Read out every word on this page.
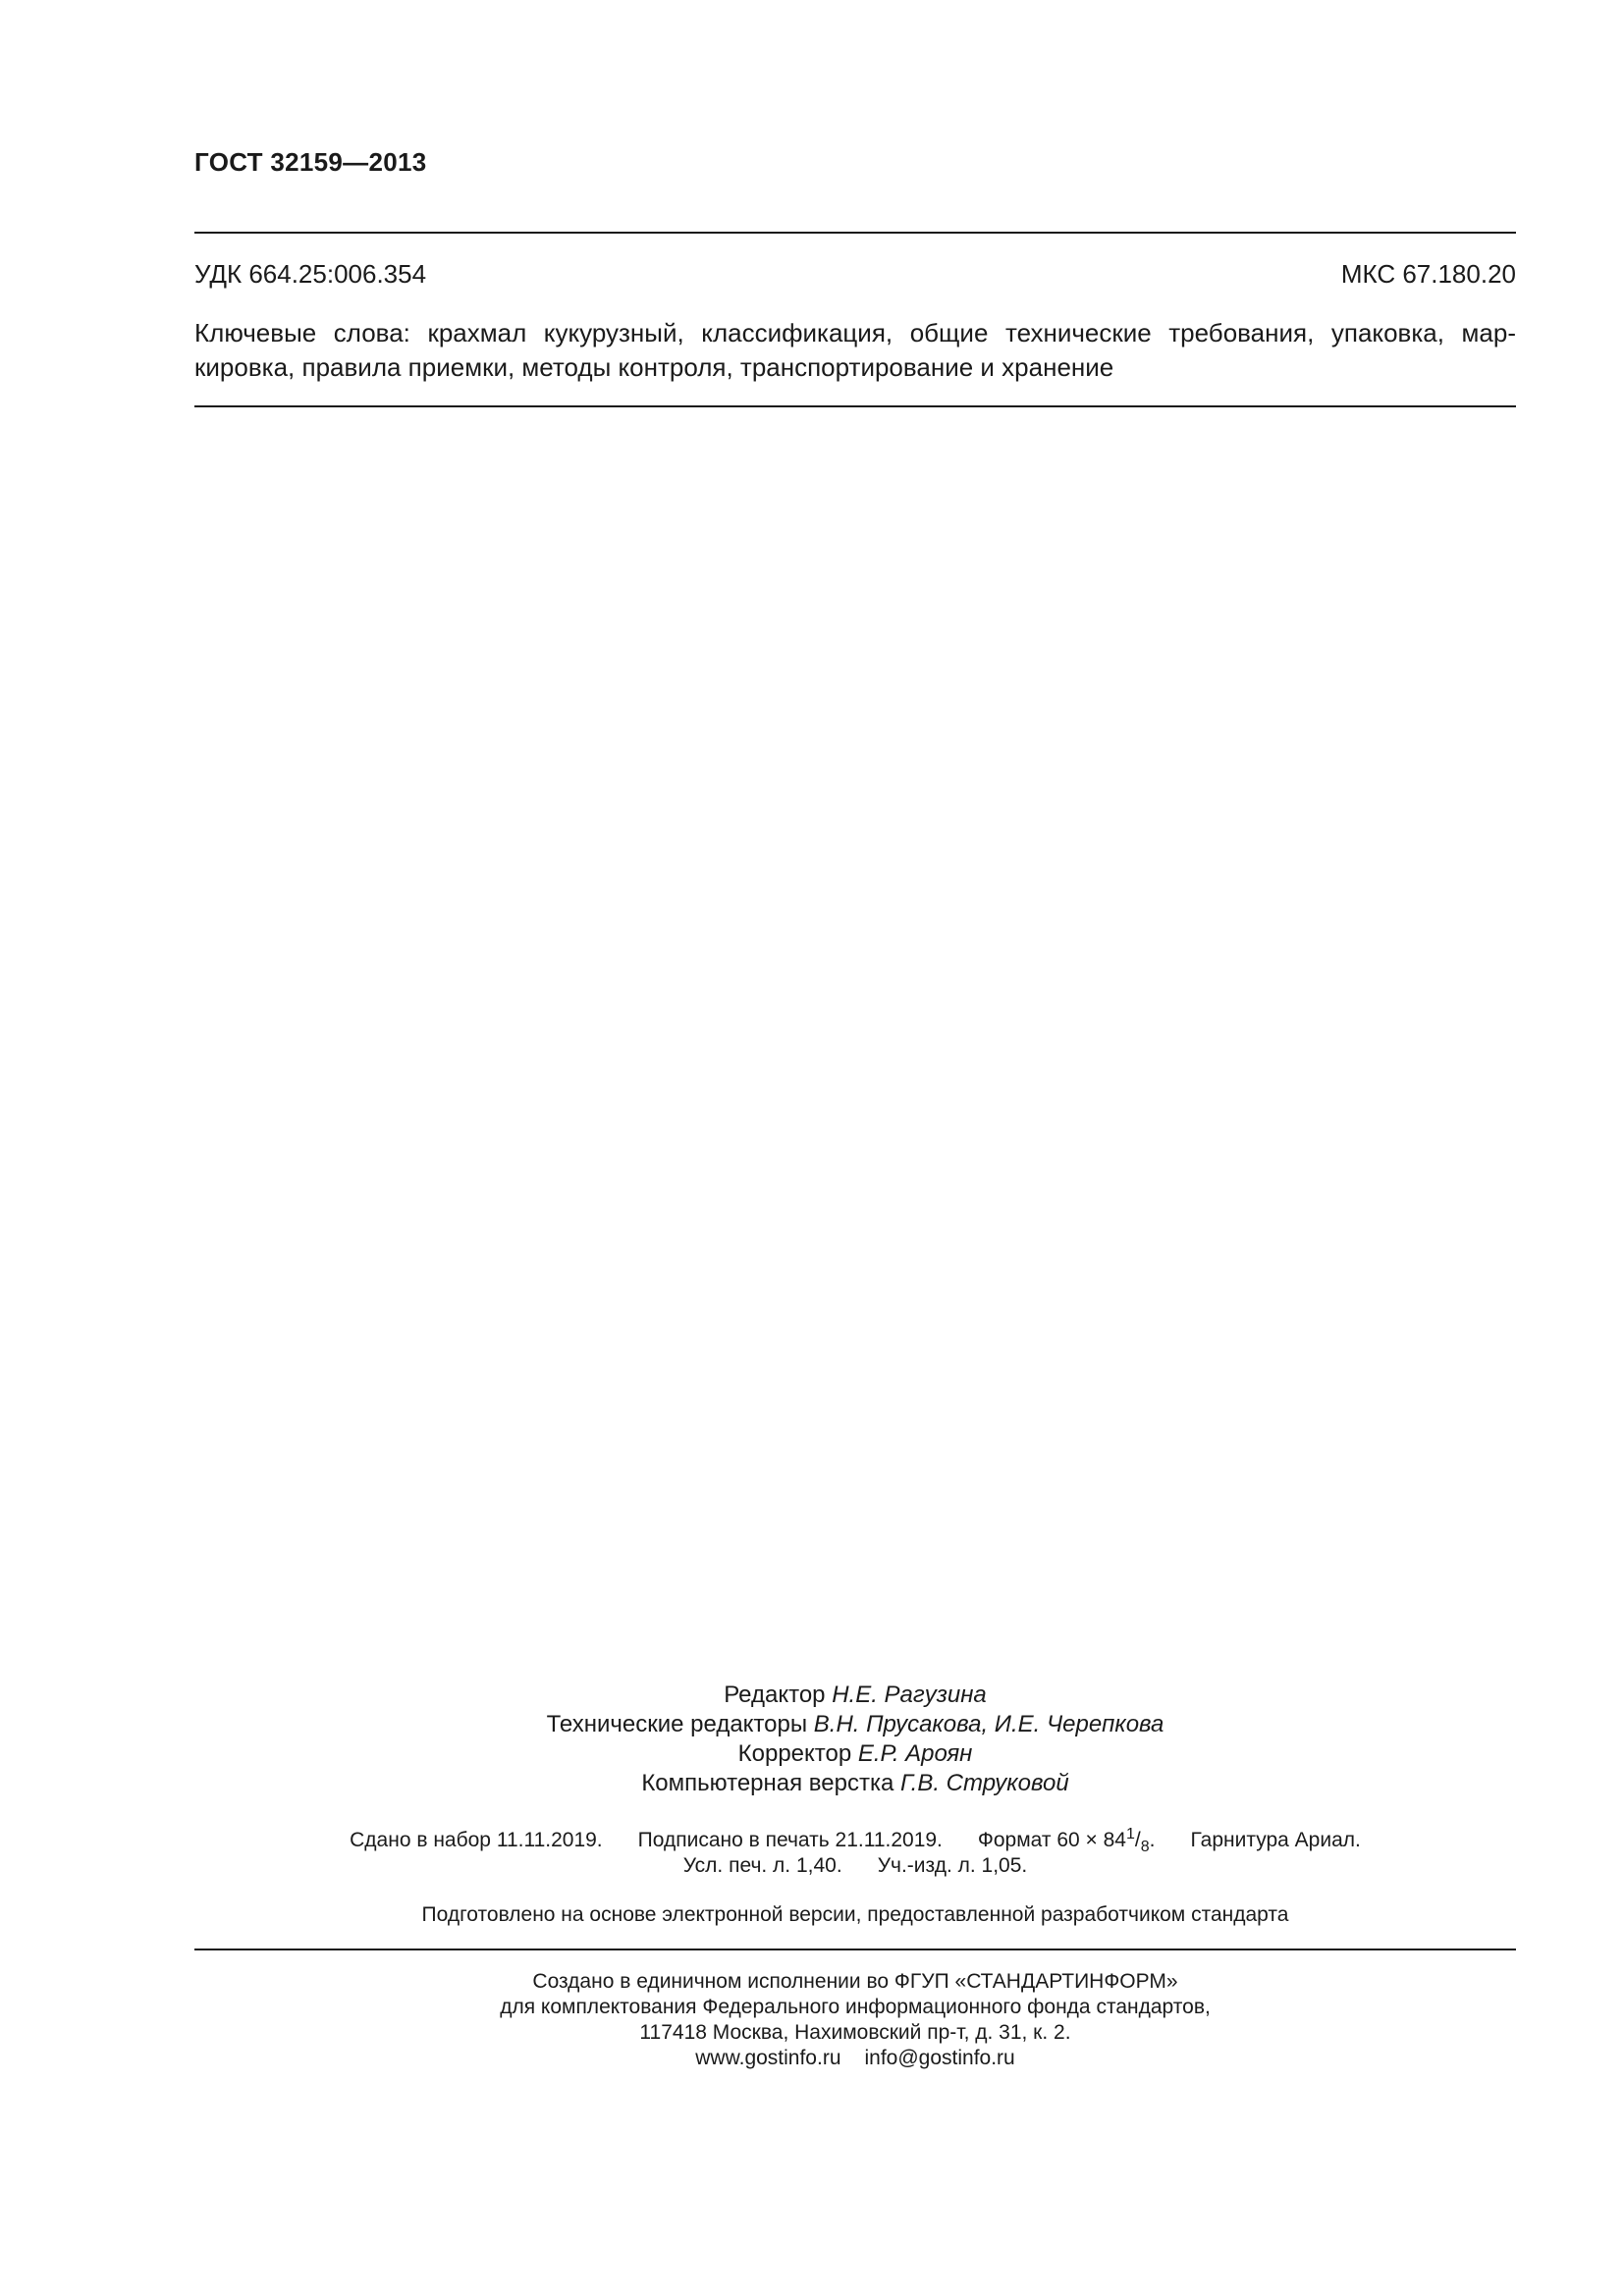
ГОСТ 32159—2013
УДК 664.25:006.354	МКС 67.180.20
Ключевые слова: крахмал кукурузный, классификация, общие технические требования, упаковка, мар-
кировка, правила приемки, методы контроля, транспортирование и хранение
Редактор Н.Е. Рагузина
Технические редакторы В.Н. Прусакова, И.Е. Черепкова
Корректор Е.Р. Ароян
Компьютерная верстка Г.В. Струковой
Сдано в набор 11.11.2019. Подписано в печать 21.11.2019. Формат $60 \times 84^1/_8$. Гарнитура Ариал.
Усл. печ. л. 1,40. Уч.-изд. л. 1,05.
Подготовлено на основе электронной версии, предоставленной разработчиком стандарта
Создано в единичном исполнении во ФГУП «СТАНДАРТИНФОРМ»
для комплектования Федерального информационного фонда стандартов,
117418 Москва, Нахимовский пр-т, д. 31, к. 2.
www.gostinfo.ru info@gostinfo.ru
